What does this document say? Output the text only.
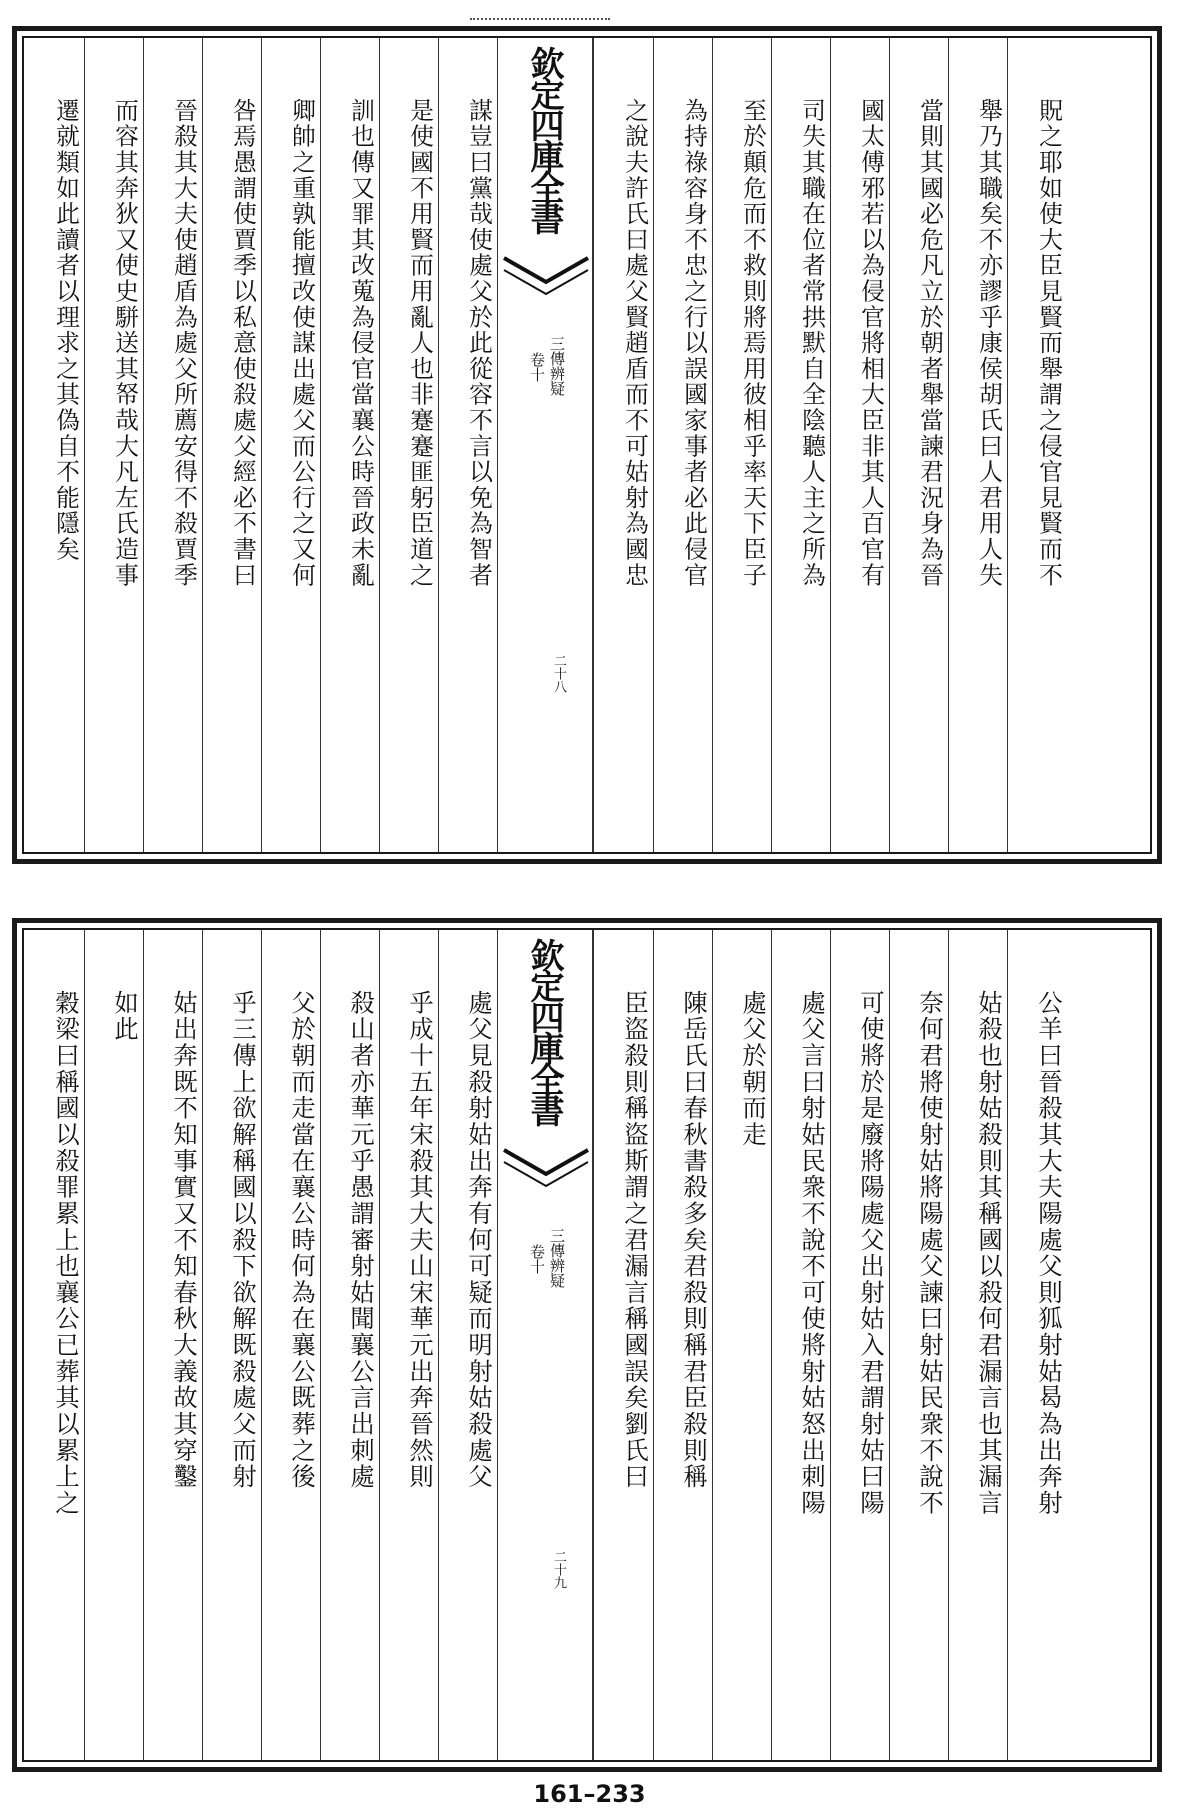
遷就類如此讀者以理求之其偽自不能隱矣	而容其奔狄又使史駢送其帑哉大凡左氏造事	晉殺其大夫使趙盾為處父所薦安得不殺賈季	咎焉愚謂使賈季以私意使殺處父經必不書曰	卿帥之重孰能擅改使謀出處父而公行之又何	訓也傳又罪其改蒐為侵官當襄公時晉政未亂	是使國不用賢而用亂人也非蹇蹇匪躬臣道之	謀豈曰黨哉使處父於此從容不言以免為智者 欽定四庫全書
三傳辨疑
卷十
二十八
之說夫許氏曰處父賢趙盾而不可姑射為國忠	為持祿容身不忠之行以誤國家事者必此侵官	至於顛危而不救則將焉用彼相乎率天下臣子	司失其職在位者常拱默自全陰聽人主之所為	國太傅邪若以為侵官將相大臣非其人百官有	當則其國必危凡立於朝者舉當諫君況身為晉	舉乃其職矣不亦謬乎康侯胡氏曰人君用人失	貺之耶如使大臣見賢而舉謂之侵官見賢而不
穀梁曰稱國以殺罪累上也襄公已葬其以累上之	如此	姑出奔既不知事實又不知春秋大義故其穿鑿	乎三傳上欲解稱國以殺下欲解既殺處父而射	父於朝而走當在襄公時何為在襄公既葬之後	殺山者亦華元乎愚謂審射姑聞襄公言出刺處	乎成十五年宋殺其大夫山宋華元出奔晉然則	處父見殺射姑出奔有何可疑而明射姑殺處父 欽定四庫全書
三傳辨疑
卷十
二十九
臣盜殺則稱盜斯謂之君漏言稱國誤矣劉氏曰	陳岳氏曰春秋書殺多矣君殺則稱君臣殺則稱	處父於朝而走	處父言曰射姑民衆不說不可使將射姑怒出刺陽	可使將於是廢將陽處父出射姑入君謂射姑曰陽	奈何君將使射姑將陽處父諫曰射姑民衆不說不	姑殺也射姑殺則其稱國以殺何君漏言也其漏言	公羊曰晉殺其大夫陽處父則狐射姑曷為出奔射
161–233
